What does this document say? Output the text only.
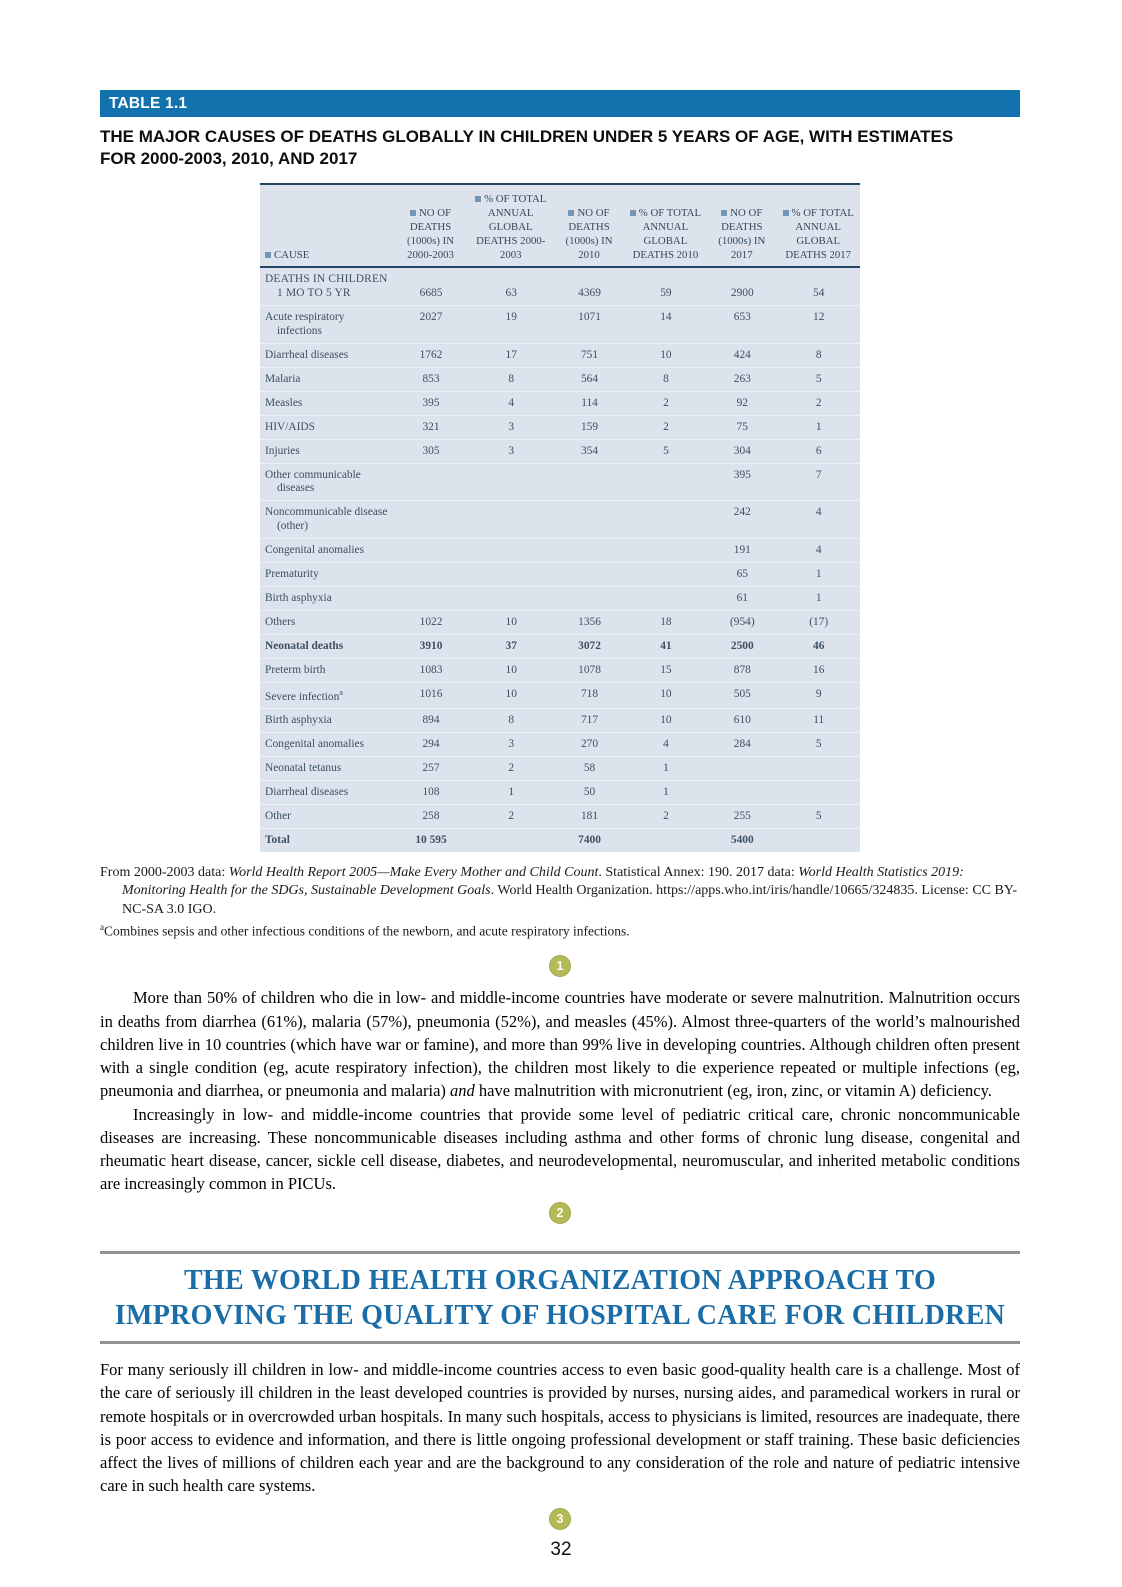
TABLE 1.1
THE MAJOR CAUSES OF DEATHS GLOBALLY IN CHILDREN UNDER 5 YEARS OF AGE, WITH ESTIMATES FOR 2000-2003, 2010, AND 2017
CAUSE	NO OF DEATHS (1000s) IN 2000-2003	% OF TOTAL ANNUAL GLOBAL DEATHS 2000-2003	NO OF DEATHS (1000s) IN 2010	% OF TOTAL ANNUAL GLOBAL DEATHS 2010	NO OF DEATHS (1000s) IN 2017	% OF TOTAL ANNUAL GLOBAL DEATHS 2017

DEATHS IN CHILDREN 1 MO TO 5 YR	6685	63	4369	59	2900	54

Acute respiratory infections	2027	19	1071	14	653	12

Diarrheal diseases	1762	17	751	10	424	8

Malaria	853	8	564	8	263	5

Measles	395	4	114	2	92	2

HIV/AIDS	321	3	159	2	75	1

Injuries	305	3	354	5	304	6

Other communicable diseases					395	7

Noncommunicable disease (other)					242	4

Congenital anomalies					191	4

Prematurity					65	1

Birth asphyxia					61	1

Others	1022	10	1356	18	(954)	(17)

Neonatal deaths	3910	37	3072	41	2500	46

Preterm birth	1083	10	1078	15	878	16

Severe infection$^a$	1016	10	718	10	505	9

Birth asphyxia	894	8	717	10	610	11

Congenital anomalies	294	3	270	4	284	5

Neonatal tetanus	257	2	58	1		

Diarrheal diseases	108	1	50	1		

Other	258	2	181	2	255	5

Total	10 595		7400		5400	
From 2000-2003 data: World Health Report 2005—Make Every Mother and Child Count. Statistical Annex: 190. 2017 data: World Health Statistics 2019: Monitoring Health for the SDGs, Sustainable Development Goals. World Health Organization. https://apps.who.int/iris/handle/10665/324835. License: CC BY-NC-SA 3.0 IGO.
$^a$Combines sepsis and other infectious conditions of the newborn, and acute respiratory infections.
1

More than 50% of children who die in low- and middle-income countries have moderate or severe malnutrition. Malnutrition occurs in deaths from diarrhea (61%), malaria (57%), pneumonia (52%), and measles (45%). Almost three-quarters of the world’s malnourished children live in 10 countries (which have war or famine), and more than 99% live in developing countries. Although children often present with a single condition (eg, acute respiratory infection), the children most likely to die experience repeated or multiple infections (eg, pneumonia and diarrhea, or pneumonia and malaria) and have malnutrition with micronutrient (eg, iron, zinc, or vitamin A) deficiency.

Increasingly in low- and middle-income countries that provide some level of pediatric critical care, chronic noncommunicable diseases are increasing. These noncommunicable diseases including asthma and other forms of chronic lung disease, congenital and rheumatic heart disease, cancer, sickle cell disease, diabetes, and neurodevelopmental, neuromuscular, and inherited metabolic conditions are increasingly common in PICUs.

2
THE WORLD HEALTH ORGANIZATION APPROACH TO
IMPROVING THE QUALITY OF HOSPITAL CARE FOR CHILDREN

For many seriously ill children in low- and middle-income countries access to even basic good-quality health care is a challenge. Most of the care of seriously ill children in the least developed countries is provided by nurses, nursing aides, and paramedical workers in rural or remote hospitals or in overcrowded urban hospitals. In many such hospitals, access to physicians is limited, resources are inadequate, there is poor access to evidence and information, and there is little ongoing professional development or staff training. These basic deficiencies affect the lives of millions of children each year and are the background to any consideration of the role and nature of pediatric intensive care in such health care systems.

3
32
